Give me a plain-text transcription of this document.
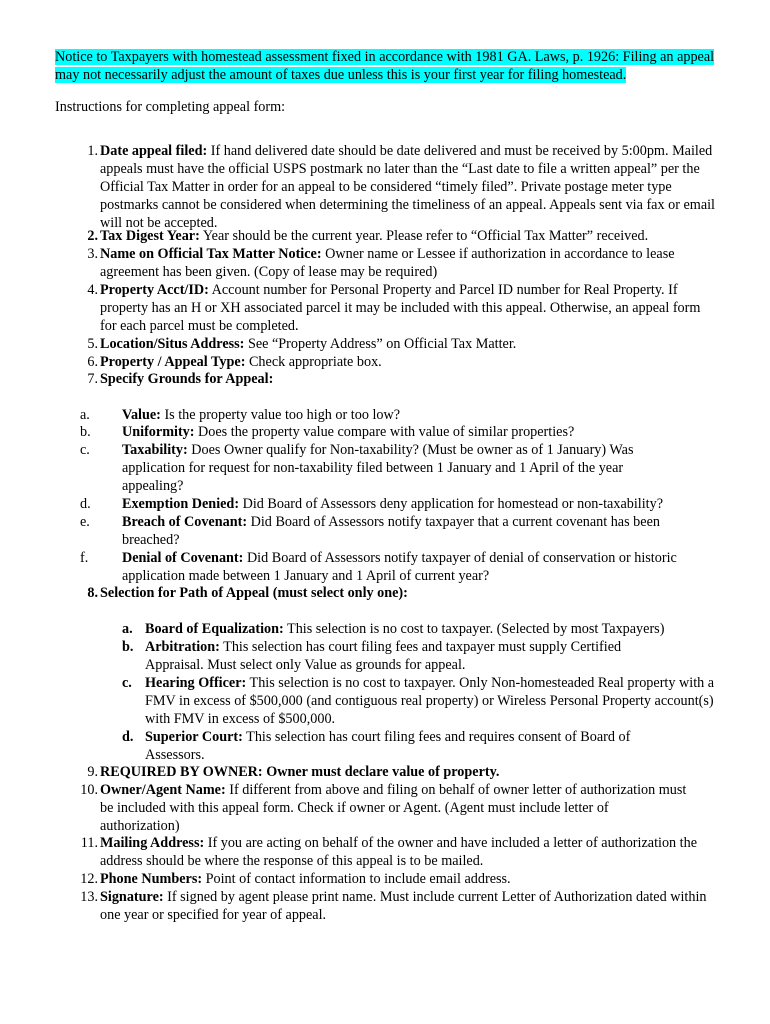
Notice to Taxpayers with homestead assessment fixed in accordance with 1981 GA. Laws, p. 1926: Filing an appeal may not necessarily adjust the amount of taxes due unless this is your first year for filing homestead.
Instructions for completing appeal form:
1. Date appeal filed: If hand delivered date should be date delivered and must be received by 5:00pm. Mailed appeals must have the official USPS postmark no later than the “Last date to file a written appeal” per the Official Tax Matter in order for an appeal to be considered “timely filed”. Private postage meter type postmarks cannot be considered when determining the timeliness of an appeal. Appeals sent via fax or email will not be accepted.
2. Tax Digest Year: Year should be the current year. Please refer to “Official Tax Matter” received.
3. Name on Official Tax Matter Notice: Owner name or Lessee if authorization in accordance to lease agreement has been given. (Copy of lease may be required)
4. Property Acct/ID: Account number for Personal Property and Parcel ID number for Real Property. If property has an H or XH associated parcel it may be included with this appeal. Otherwise, an appeal form for each parcel must be completed.
5. Location/Situs Address: See “Property Address” on Official Tax Matter.
6. Property / Appeal Type: Check appropriate box.
7. Specify Grounds for Appeal:
a.	Value: Is the property value too high or too low?
b.	Uniformity: Does the property value compare with value of similar properties?
c.	Taxability: Does Owner qualify for Non-taxability? (Must be owner as of 1 January) Was application for request for non-taxability filed between 1 January and 1 April of the year appealing?
d.	Exemption Denied: Did Board of Assessors deny application for homestead or non-taxability?
e.	Breach of Covenant: Did Board of Assessors notify taxpayer that a current covenant has been breached?
f.	Denial of Covenant: Did Board of Assessors notify taxpayer of denial of conservation or historic application made between 1 January and 1 April of current year?
8. Selection for Path of Appeal (must select only one):
a. Board of Equalization: This selection is no cost to taxpayer. (Selected by most Taxpayers)
b. Arbitration: This selection has court filing fees and taxpayer must supply Certified Appraisal. Must select only Value as grounds for appeal.
c. Hearing Officer: This selection is no cost to taxpayer. Only Non-homesteaded Real property with a FMV in excess of $500,000 (and contiguous real property) or Wireless Personal Property account(s) with FMV in excess of $500,000.
d. Superior Court: This selection has court filing fees and requires consent of Board of Assessors.
9. REQUIRED BY OWNER: Owner must declare value of property.
10. Owner/Agent Name: If different from above and filing on behalf of owner letter of authorization must be included with this appeal form. Check if owner or Agent. (Agent must include letter of authorization)
11. Mailing Address: If you are acting on behalf of the owner and have included a letter of authorization the address should be where the response of this appeal is to be mailed.
12. Phone Numbers: Point of contact information to include email address.
13. Signature: If signed by agent please print name. Must include current Letter of Authorization dated within one year or specified for year of appeal.
